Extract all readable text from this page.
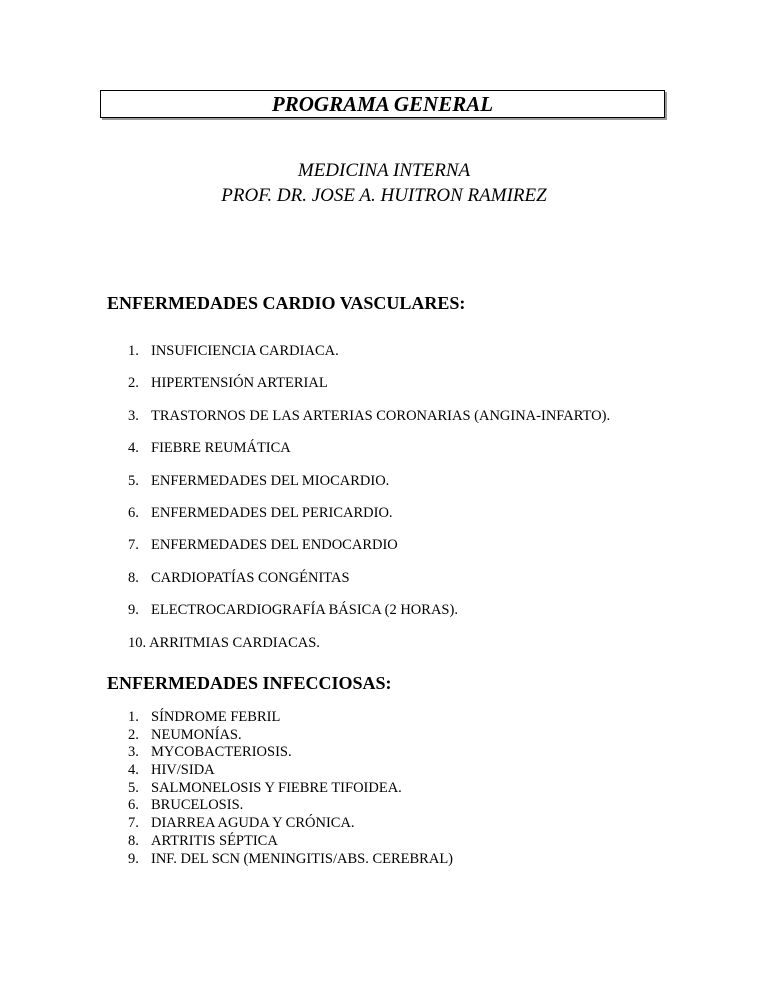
PROGRAMA GENERAL
MEDICINA INTERNA
PROF. DR. JOSE A. HUITRON RAMIREZ
ENFERMEDADES CARDIO VASCULARES:
1. INSUFICIENCIA CARDIACA.
2. HIPERTENSIÓN ARTERIAL
3. TRASTORNOS DE LAS ARTERIAS CORONARIAS (ANGINA-INFARTO).
4. FIEBRE REUMÁTICA
5. ENFERMEDADES DEL MIOCARDIO.
6. ENFERMEDADES DEL PERICARDIO.
7. ENFERMEDADES DEL ENDOCARDIO
8. CARDIOPATÍAS CONGÉNITAS
9. ELECTROCARDIOGRAFÍA BÁSICA (2 HORAS).
10. ARRITMIAS CARDIACAS.
ENFERMEDADES INFECCIOSAS:
1. SÍNDROME FEBRIL
2. NEUMONÍAS.
3. MYCOBACTERIOSIS.
4. HIV/SIDA
5. SALMONELOSIS Y FIEBRE TIFOIDEA.
6. BRUCELOSIS.
7. DIARREA AGUDA Y CRÓNICA.
8. ARTRITIS SÉPTICA
9. INF. DEL SCN (MENINGITIS/ABS. CEREBRAL)
